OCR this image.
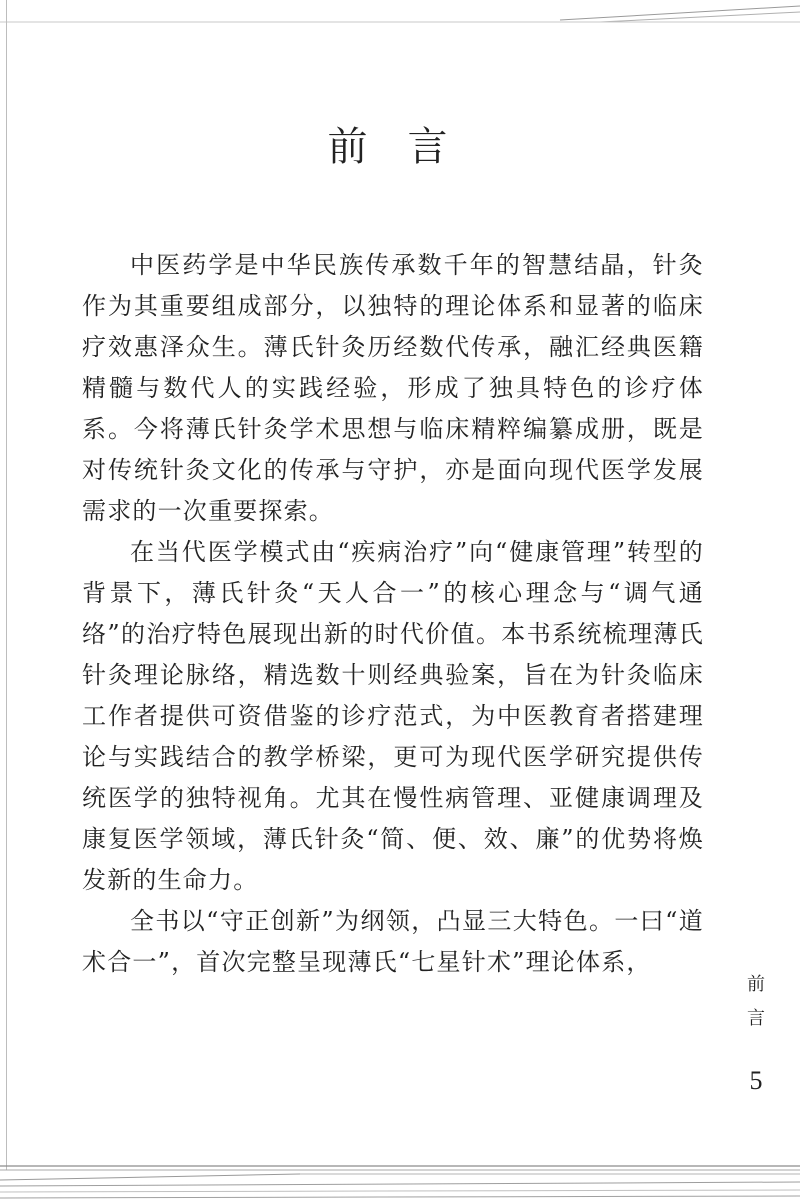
前言

中医药学是中华民族传承数千年的智慧结晶，针灸作为其重要组成部分，以独特的理论体系和显著的临床疗效惠泽众生。薄氏针灸历经数代传承，融汇经典医籍精髓与数代人的实践经验，形成了独具特色的诊疗体系。今将薄氏针灸学术思想与临床精粹编纂成册，既是对传统针灸文化的传承与守护，亦是面向现代医学发展需求的一次重要探索。

在当代医学模式由“疾病治疗”向“健康管理”转型的背景下，薄氏针灸“天人合一”的核心理念与“调气通络”的治疗特色展现出新的时代价值。本书系统梳理薄氏针灸理论脉络，精选数十则经典验案，旨在为针灸临床工作者提供可资借鉴的诊疗范式，为中医教育者搭建理论与实践结合的教学桥梁，更可为现代医学研究提供传统医学的独特视角。尤其在慢性病管理、亚健康调理及康复医学领域，薄氏针灸“简、便、效、廉”的优势将焕发新的生命力。

全书以“守正创新”为纲领，凸显三大特色。一曰“道术合一”，首次完整呈现薄氏“七星针术”理论体系，

前
言
5
